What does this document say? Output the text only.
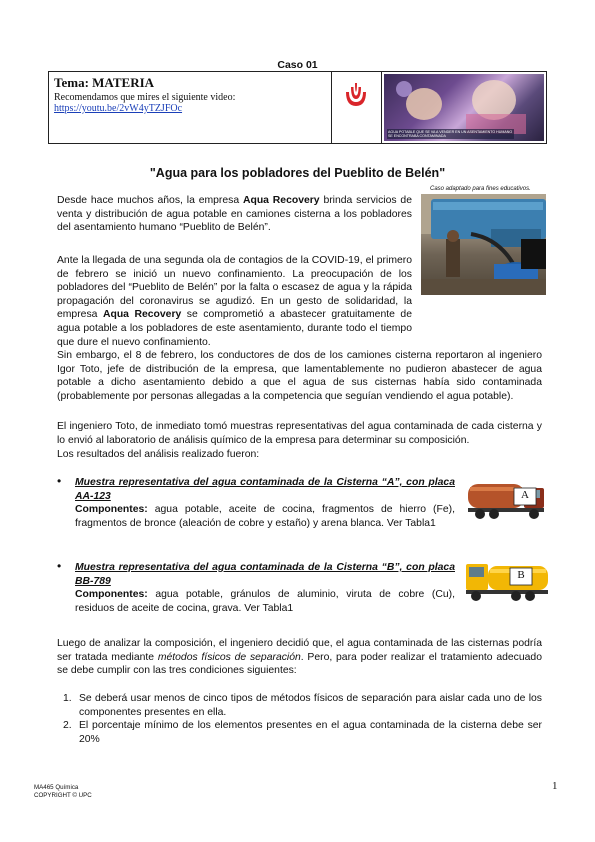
Caso 01
Tema: MATERIA
Recomendamos que mires el siguiente video:
https://youtu.be/2vW4yTZJFOc
AGUA POTABLE QUE SE VA A VENDER EN UN ASENTAMIENTO HUMANO SE ENCONTRABA CONTAMINADA
"Agua para los pobladores del Pueblito de Belén"
Caso adaptado para fines educativos.
Desde hace muchos años, la empresa Aqua Recovery brinda servicios de venta y distribución de agua potable en camiones cisterna a los pobladores del asentamiento humano “Pueblito de Belén”.
Ante la llegada de una segunda ola de contagios de la COVID-19, el primero de febrero se inició un nuevo confinamiento. La preocupación de los pobladores del “Pueblito de Belén” por la falta o escasez de agua y la rápida propagación del coronavirus se agudizó. En un gesto de solidaridad, la empresa Aqua Recovery se comprometió a abastecer gratuitamente de agua potable a los pobladores de este asentamiento, durante todo el tiempo que dure el nuevo confinamiento.
Sin embargo, el 8 de febrero, los conductores de dos de los camiones cisterna reportaron al ingeniero Igor Toto, jefe de distribución de la empresa, que lamentablemente no pudieron abastecer de agua potable a dicho asentamiento debido a que el agua de sus cisternas había sido contaminada (probablemente por personas allegadas a la competencia que seguían vendiendo el agua potable).
El ingeniero Toto, de inmediato tomó muestras representativas del agua contaminada de cada cisterna y lo envió al laboratorio de análisis químico de la empresa para determinar su composición.
Los resultados del análisis realizado fueron:
• Muestra representativa del agua contaminada de la Cisterna “A”, con placa AA-123
Componentes: agua potable, aceite de cocina, fragmentos de hierro (Fe), fragmentos de bronce (aleación de cobre y estaño) y arena blanca. Ver Tabla1
A
• Muestra representativa del agua contaminada de la Cisterna “B”, con placa BB-789
Componentes: agua potable, gránulos de aluminio, viruta de cobre (Cu), residuos de aceite de cocina, grava. Ver Tabla1
B
Luego de analizar la composición, el ingeniero decidió que, el agua contaminada de las cisternas podría ser tratada mediante métodos físicos de separación. Pero, para poder realizar el tratamiento adecuado se debe cumplir con las tres condiciones siguientes:
1. Se deberá usar menos de cinco tipos de métodos físicos de separación para aislar cada uno de los componentes presentes en ella.
2. El porcentaje mínimo de los elementos presentes en el agua contaminada de la cisterna debe ser 20%
MA465 Química
COPYRIGHT © UPC
1
